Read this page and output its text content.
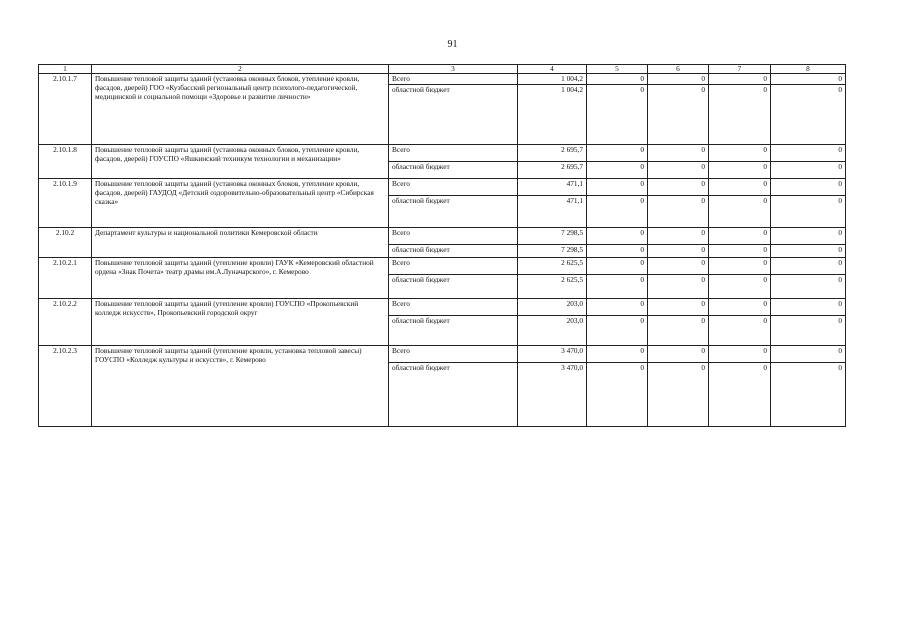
91
1	2	3	4	5	6	7	8
2.10.1.7	Повышение тепловой защиты зданий (установка оконных блоков, утепление кровли, фасадов, дверей) ГОО «Кузбасский региональный центр психолого-педагогической, медицинской и социальной помощи «Здоровье и развитие личности»	Всего	1 004,2	0	0	0	0
		областной бюджет	1 004,2	0	0	0	0
2.10.1.8	Повышение тепловой защиты зданий (установка оконных блоков, утепление кровли, фасадов, дверей) ГОУСПО «Яшкинский техникум технологии и механизации»	Всего	2 695,7	0	0	0	0
		областной бюджет	2 695,7	0	0	0	0
2.10.1.9	Повышение тепловой защиты зданий (установка оконных блоков, утепление кровли, фасадов, дверей) ГАУДОД «Детский оздоровительно-образовательный центр «Сибирская сказка»	Всего	471,1	0	0	0	0
		областной бюджет	471,1	0	0	0	0
2.10.2	Департамент культуры и национальной политики Кемеровской области	Всего	7 298,5	0	0	0	0
		областной бюджет	7 298,5	0	0	0	0
2.10.2.1	Повышение тепловой защиты зданий (утепление кровли) ГАУК «Кемеровский областной ордена «Знак Почета» театр драмы им.А.Луначарского», г. Кемерово	Всего	2 625,5	0	0	0	0
		областной бюджет	2 625,5	0	0	0	0
2.10.2.2	Повышение тепловой защиты зданий (утепление кровли) ГОУСПО «Прокопьевский колледж искусств», Прокопьевский городской округ	Всего	203,0	0	0	0	0
		областной бюджет	203,0	0	0	0	0
2.10.2.3	Повышение тепловой защиты зданий (утепление кровли, установка тепловой завесы) ГОУСПО «Колледж культуры и искусств», г. Кемерово	Всего	3 470,0	0	0	0	0
		областной бюджет	3 470,0	0	0	0	0
